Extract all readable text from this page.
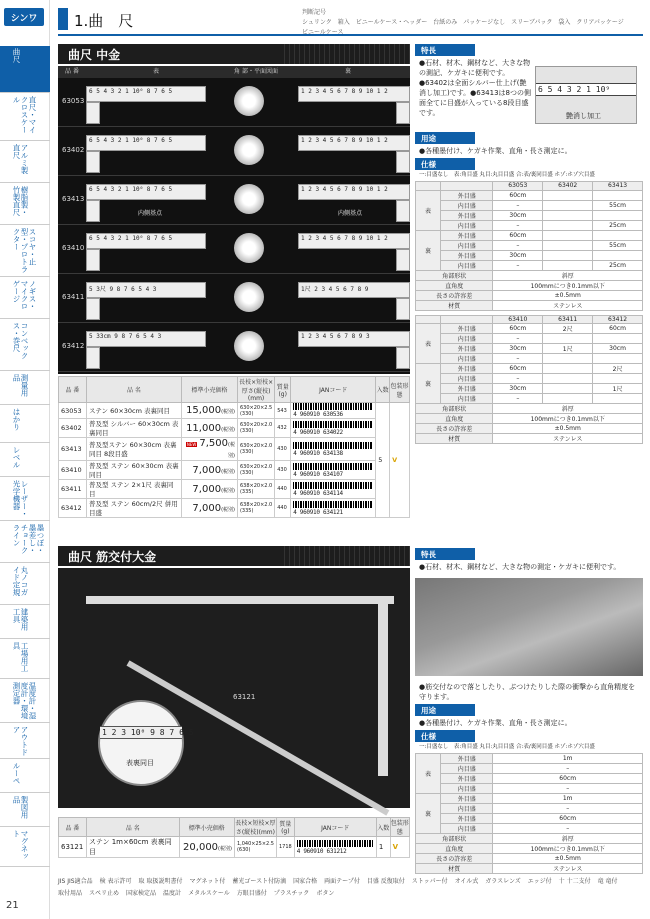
シンワ
曲尺
直尺・マイクロスケール
アルミ製直尺
樹脂製・竹製直尺
スコヤ・止型・プロトラクター
ノギス・マイクロゲージ
コンベックス・巻尺
測量用品
はかり
レベル
レーザー・光学機器
墨つぼ・墨差し・チョークライン
丸ノコガイド定規
建築用工具
工場用工具
温度計・湿度計・環境測定器
アウトドア
ルーペ
製図用品
マグネット
21
1.曲　尺	判断記号 シュリンク 箱入 ビニールケース・ヘッダー 台紙のみ パッケージなし スリーブパック 袋入 クリアパッケージビニールケース
曲尺 中金
品 番	表	角 部・平面図面	裏
63053
6 5 4 3 2 1 10⁰ 8 7 6 5	1 2 3 4 5 6 7 8 9 10 1 2
63402
6 5 4 3 2 1 10⁰ 8 7 6 5	1 2 3 4 5 6 7 8 9 10 1 2
63413
6 5 4 3 2 1 10⁰ 8 7 6 5	1 2 3 4 5 6 7 8 9 10 1 2
内側基点	内側基点
63410
6 5 4 3 2 1 10⁰ 8 7 6 5	1 2 3 4 5 6 7 8 9 10 1 2
63411
5 3尺 9 8 7 6 5 4 3	1尺 2 3 4 5 6 7 8 9
63412
5 33cm 9 8 7 6 5 4 3	1 2 3 4 5 6 7 8 9 3
品 番	品 名	標準小売価格	長枝×短枝×厚さ(縦枝)(mm)	質量(g)	JANコード	入数	包装形態
63053	ステン 60×30cm 表裏同目	15,000(税別)	630×20×2.5 (330)	543	4 960910 630536	5	V
63402	普及型 シルバー 60×30cm 表裏同目	11,000(税別)	630×20×2.0 (330)	432	4 960910 634022		
63413	普及型ステン 60×30cm 表裏同目 8段目盛	NEW 7,500(税別)	630×20×2.0 (330)	430	4 960910 634138		
63410	普及型 ステン 60×30cm 表裏同目	7,000(税別)	630×20×2.0 (330)	430	4 960910 634107		
63411	普及型 ステン 2×1尺 表裏同目	7,000(税別)	638×20×2.0 (335)	440	4 960910 634114		
63412	普及型 ステン 60cm/2尺 併用目盛	7,000(税別)	638×20×2.0 (335)	440	4 960910 634121		
特長
●石材、材木、鋼材など、大きな物の測記、ケガキに便利です。●63402は全面シルバー仕上げ(艶消し加工)です。●63413は8つの側面全てに目盛が入っている8段目盛です。
6 5 4 3 2 1 10⁹
艶消し加工
用途
●各種墨付け、ケガキ作業、直角・長さ測定に。
仕様
一:目盛なし　表:角目盛 丸目:丸目目盛 合:表/裏同目盛 ホゾ:ホゾ穴目盛
		63053	63402	63413
表	外目盛	60cm		
	内目盛	–		55cm
	外目盛	30cm		
	内目盛	–		25cm
裏	外目盛	60cm		
	内目盛	–		55cm
	外目盛	30cm		
	内目盛	–		25cm
角部形状		斜厚		
直角度		100mmにつき0.1mm以下		
長さの許容差		±0.5mm		
材質		ステンレス		
		63410	63411	63412
表	外目盛	60cm	2尺	60cm
	内目盛	–		
	外目盛	30cm	1尺	30cm
	内目盛	–		
裏	外目盛	60cm		2尺
	内目盛	–		
	外目盛	30cm		1尺
	内目盛	–		
角部形状		斜厚		
直角度		100mmにつき0.1mm以下		
長さの許容差		±0.5mm		
材質		ステンレス		
曲尺 筋交付大金
63121
1 2 3 10⁰ 9 8 7 6 5
表裏同目
品 番	品 名	標準小売価格	長枝×短枝×厚さ(縦枝)(mm)	質量(g)	JANコード	入数	包装形態
63121	ステン 1m×60cm 表裏同目	20,000(税別)	1,040×25×2.5 (630)	1718	4 960910 631212	1	V
特長
●石材、材木、鋼材など、大きな物の測定・ケガキに便利です。
●筋交付なので落としたり、ぶつけたりした際の衝撃から直角精度を守ります。
用途
●各種墨付け、ケガキ作業、直角・長さ測定に。
仕様
一:目盛なし　表:角目盛 丸目:丸目目盛 合:表/裏同目盛 ホゾ:ホゾ穴目盛
表	外目盛	1m
	内目盛	–
	外目盛	60cm
	内目盛	–
裏	外目盛	1m
	内目盛	–
	外目盛	60cm
	内目盛	–
角部形状		斜厚
直角度		100mmにつき0.1mm以下
長さの許容差		±0.5mm
材質		ステンレス
JIS JIS適合品 検 表示許可 取 取扱説明書付 マグネット付 蓄光ゴースト付防滴 国家合格 両面テープ付 目盛 反復取付 ストッパー付 オイル式 ガラスレンズ エッジ付 十 十二支付 竜 竜付取付用品 スペリ止め 国家検定品 温度計 メタルスケール 方眼目盛付 プラスチック ボタン
